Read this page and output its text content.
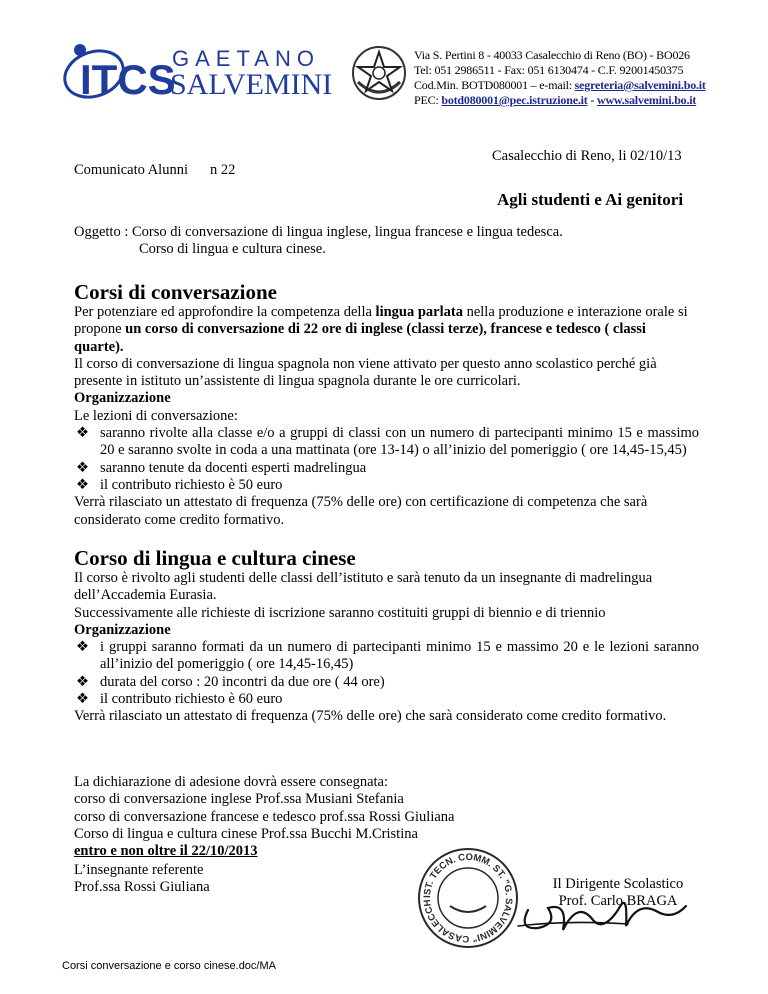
ITCS
GAETANO
SALVEMINI
Via S. Pertini 8 - 40033 Casalecchio di Reno (BO) - BO026
Tel: 051 2986511 - Fax: 051 6130474 - C.F. 92001450375
Cod.Min. BOTD080001 – e-mail: segreteria@salvemini.bo.it
PEC: botd080001@pec.istruzione.it - www.salvemini.bo.it
Casalecchio di Reno, li 02/10/13
Comunicato Alunni n 22
Agli studenti e Ai genitori
Oggetto : Corso di conversazione di lingua inglese, lingua francese e lingua tedesca.
Corso di lingua e cultura cinese.
Corsi di conversazione
Per potenziare ed approfondire la competenza della lingua parlata nella produzione e interazione orale si propone un corso di conversazione di 22 ore di inglese (classi terze), francese e tedesco ( classi quarte).
Il corso di conversazione di lingua spagnola non viene attivato per questo anno scolastico perché già presente in istituto un’assistente di lingua spagnola durante le ore curricolari.
Organizzazione
Le lezioni di conversazione:
❖ saranno rivolte alla classe e/o a gruppi di classi con un numero di partecipanti minimo 15 e massimo 20 e saranno svolte in coda a una mattinata (ore 13-14) o all’inizio del pomeriggio ( ore 14,45-15,45)
❖ saranno tenute da docenti esperti madrelingua
❖ il contributo richiesto è 50 euro
Verrà rilasciato un attestato di frequenza (75% delle ore) con certificazione di competenza che sarà considerato come credito formativo.
Corso di lingua e cultura cinese
Il corso è rivolto agli studenti delle classi dell’istituto e sarà tenuto da un insegnante di madrelingua dell’Accademia Eurasia.
Successivamente alle richieste di iscrizione saranno costituiti gruppi di biennio e di triennio
Organizzazione
❖ i gruppi saranno formati da un numero di partecipanti minimo 15 e massimo 20 e le lezioni saranno all’inizio del pomeriggio ( ore 14,45-16,45)
❖ durata del corso : 20 incontri da due ore ( 44 ore)
❖ il contributo richiesto è 60 euro
Verrà rilasciato un attestato di frequenza (75% delle ore) che sarà considerato come credito formativo.
La dichiarazione di adesione dovrà essere consegnata:
corso di conversazione inglese Prof.ssa Musiani Stefania
corso di conversazione francese e tedesco prof.ssa Rossi Giuliana
Corso di lingua e cultura cinese Prof.ssa Bucchi M.Cristina
entro e non oltre il 22/10/2013
L’insegnante referente
Prof.ssa Rossi Giuliana
IST. TECN. COMM. ST. "G. SALVEMINI" CASALECCH
Il Dirigente Scolastico
Prof. Carlo BRAGA
Corsi conversazione e corso cinese.doc/MA
